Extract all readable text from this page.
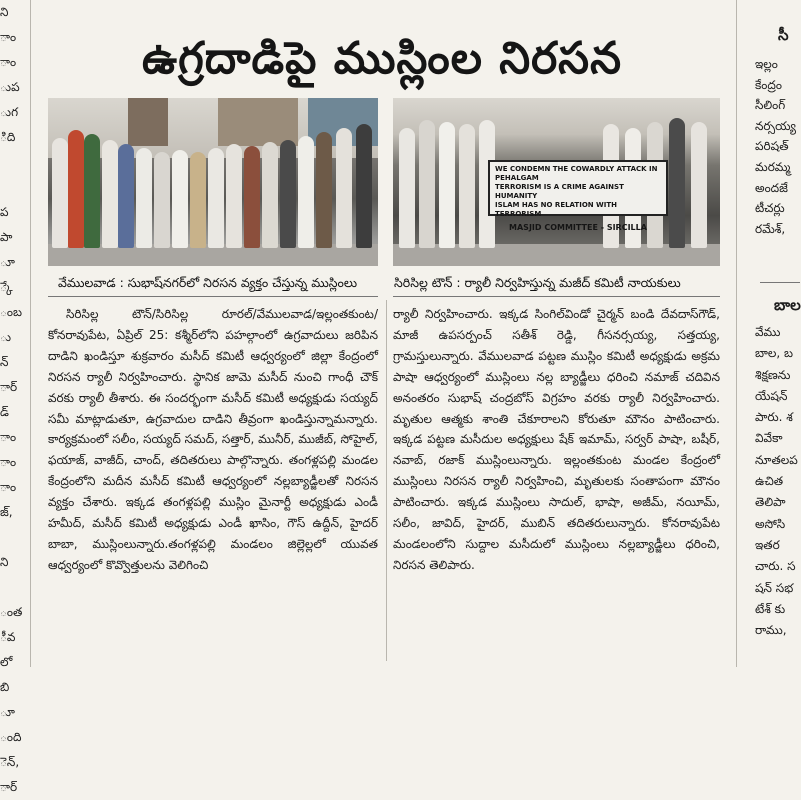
ని
ాం
ాం
ుప
ుగ
ిది
ప
పా
ూ
్కే
ంబ
ు
న్
ార్
డ్
ాం
ాం
ాం
జ్,
ని
ంత
ీవ
లో
బి
ూ
ంది
ెన్,
ార్
ఉగ్రదాడిపై ముస్లింల నిరసన
WE CONDEMN THE COWARDLY ATTACK IN PEHALGAM
TERRORISM IS A CRIME AGAINST HUMANITY
ISLAM HAS NO RELATION WITH TERRORISM
MASJID COMMITTEE - SIRCILLA
వేములవాడ : సుభాష్‌నగర్‌లో నిరసన వ్యక్తం చేస్తున్న ముస్లింలు	సిరిసిల్ల టౌన్ : ర్యాలీ నిర్వహిస్తున్న మజీద్ కమిటీ నాయకులు
సిరిసిల్ల టౌన్/సిరిసిల్ల రూరల్/వేములవాడ/ఇల్లంతకుంట/కోనరావుపేట, ఏప్రిల్ 25: కశ్మీర్‌లోని పహల్గాంలో ఉగ్రవాదులు జరిపిన దాడిని ఖండిస్తూ శుక్రవారం మసీద్ కమిటీ ఆధ్వర్యంలో జిల్లా కేంద్రంలో నిరసన ర్యాలీ నిర్వహించారు. స్థానిక జామె మసీద్ నుంచి గాంధీ చౌక్ వరకు ర్యాలీ తీశారు. ఈ సందర్భంగా మసీద్ కమిటీ అధ్యక్షుడు సయ్యద్ సమీ మాట్లాడుతూ, ఉగ్రవాదుల దాడిని తీవ్రంగా ఖండిస్తున్నామన్నారు. కార్యక్రమంలో సలీం, సయ్యద్ సమద్, సత్తార్, మునీర్, ముజీబ్, సోహైల్, ఫయాజ్, వాజీద్, చాంద్, తదితరులు పాల్గొన్నారు. తంగళ్లపల్లి మండల కేంద్రంలోని మదీన మసీద్ కమిటీ ఆధ్వర్యంలో నల్లబ్యాడ్జీలతో నిరసన వ్యక్తం చేశారు. ఇక్కడ తంగళ్లపల్లి ముస్లిం మైనార్టీ అధ్యక్షుడు ఎండీ హమీద్, మసీద్ కమిటీ అధ్యక్షుడు ఎండీ ఖాసిం, గౌస్ ఉద్దీన్, హైదర్ బాబా, ముస్లింలున్నారు.తంగళ్లపల్లి మండలం జిల్లెల్లలో యువత ఆధ్వర్యంలో కొవ్వొత్తులను వెలిగించి
ర్యాలీ నిర్వహించారు. ఇక్కడ సింగిల్‌విండో చైర్మన్ బండి దేవదాస్‌గౌడ్, మాజీ ఉపసర్పంచ్ సతీశ్ రెడ్డి, గీసనర్సయ్య, సత్తయ్య, గ్రామస్తులున్నారు. వేములవాడ పట్టణ ముస్లిం కమిటీ అధ్యక్షుడు అక్రమ పాషా ఆధ్వర్యంలో ముస్లింలు నల్ల బ్యాడ్జీలు ధరించి నమాజ్ చదివిన అనంతరం సుభాష్ చంద్రబోస్ విగ్రహం వరకు ర్యాలీ నిర్వహించారు. మృతుల ఆత్మకు శాంతి చేకూరాలని కోరుతూ మౌనం పాటించారు. ఇక్కడ పట్టణ మసీదుల అధ్యక్షులు షేక్ ఇమామ్, సర్వర్ పాషా, బషీర్, నవాబ్, రజాక్ ముస్లింలున్నారు. ఇల్లంతకుంట మండల కేంద్రంలో ముస్లింలు నిరసన ర్యాలీ నిర్వహించి, మృతులకు సంతాపంగా మౌనం పాటించారు. ఇక్కడ ముస్లింలు సాదుల్, భాషా, అజీమ్, నయీమ్, సలీం, జావిద్, హైదర్, ముబిన్ తదితరులున్నారు. కోనరావుపేట మండలంలోని సుద్దాల మసీదులో ముస్లింలు నల్లబ్యాడ్జీలు ధరించి, నిరసన తెలిపారు.
సీ
ఇల్లం
కేంద్రం
సీలింగ్
నర్సయ్య
పరిషత్
మరమ్మ
అందజే
టీచర్లు
రమేశ్,
బాల
వేము
బాల, బ
శిక్షణను
యేషన్
పారు. శ
వివేకా
నూతలప
ఉచిత
తెలిపా
అసోసి
ఇతర
చారు. స
షన్ సభ
టేశ్ కు
రాము,
